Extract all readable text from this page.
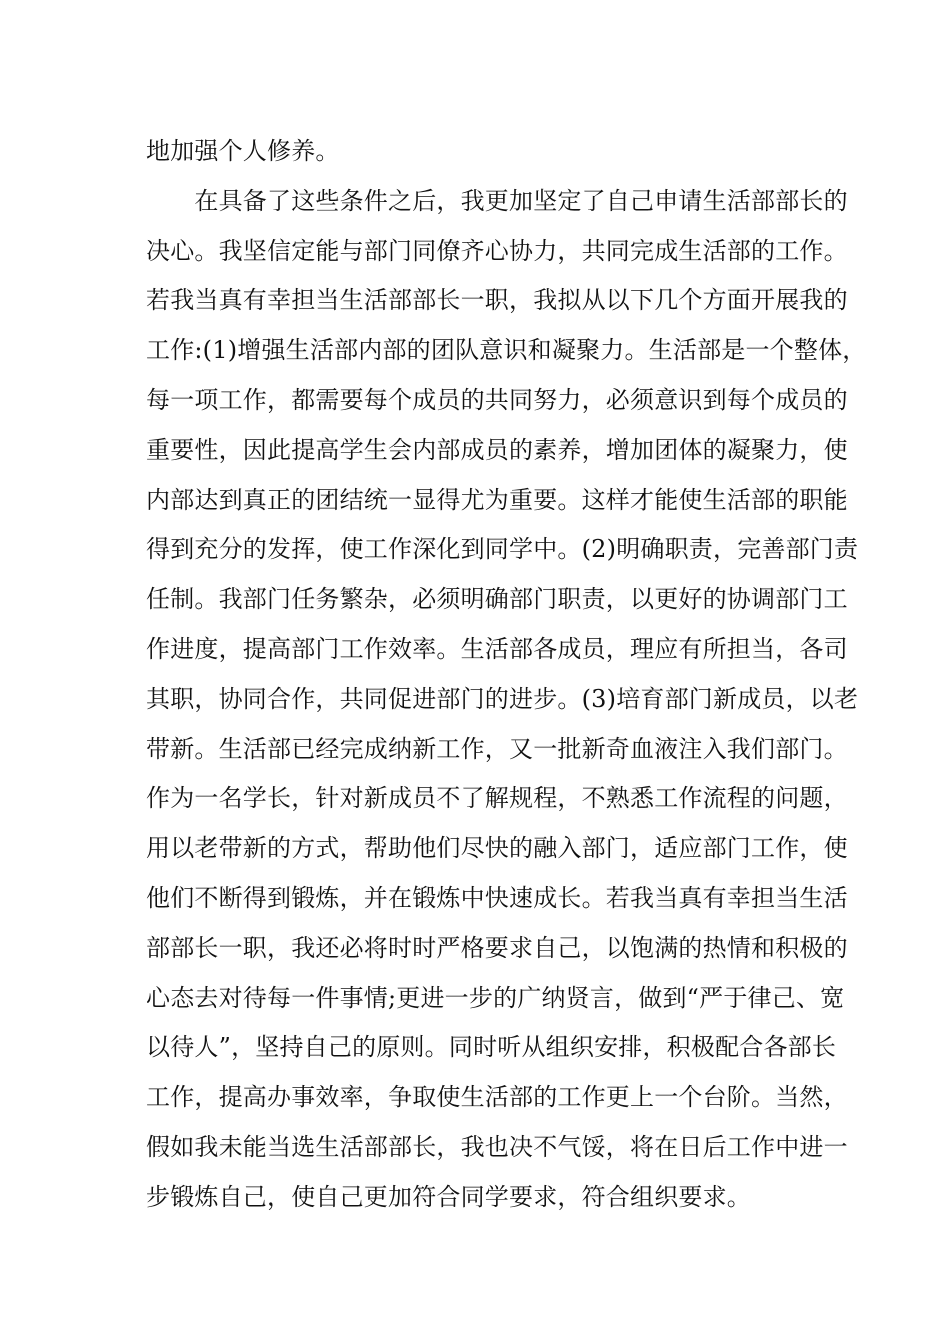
地加强个人修养。
　　在具备了这些条件之后，我更加坚定了自己申请生活部部长的
决心。我坚信定能与部门同僚齐心协力，共同完成生活部的工作。
若我当真有幸担当生活部部长一职，我拟从以下几个方面开展我的
工作:(1)增强生活部内部的团队意识和凝聚力。生活部是一个整体，
每一项工作，都需要每个成员的共同努力，必须意识到每个成员的
重要性，因此提高学生会内部成员的素养，增加团体的凝聚力，使
内部达到真正的团结统一显得尤为重要。这样才能使生活部的职能
得到充分的发挥，使工作深化到同学中。(2)明确职责，完善部门责
任制。我部门任务繁杂，必须明确部门职责，以更好的协调部门工
作进度，提高部门工作效率。生活部各成员，理应有所担当，各司
其职，协同合作，共同促进部门的进步。(3)培育部门新成员，以老
带新。生活部已经完成纳新工作，又一批新奇血液注入我们部门。
作为一名学长，针对新成员不了解规程，不熟悉工作流程的问题，
用以老带新的方式，帮助他们尽快的融入部门，适应部门工作，使
他们不断得到锻炼，并在锻炼中快速成长。若我当真有幸担当生活
部部长一职，我还必将时时严格要求自己，以饱满的热情和积极的
心态去对待每一件事情;更进一步的广纳贤言，做到“严于律己、宽
以待人”，坚持自己的原则。同时听从组织安排，积极配合各部长
工作，提高办事效率，争取使生活部的工作更上一个台阶。当然，
假如我未能当选生活部部长，我也决不气馁，将在日后工作中进一
步锻炼自己，使自己更加符合同学要求，符合组织要求。
